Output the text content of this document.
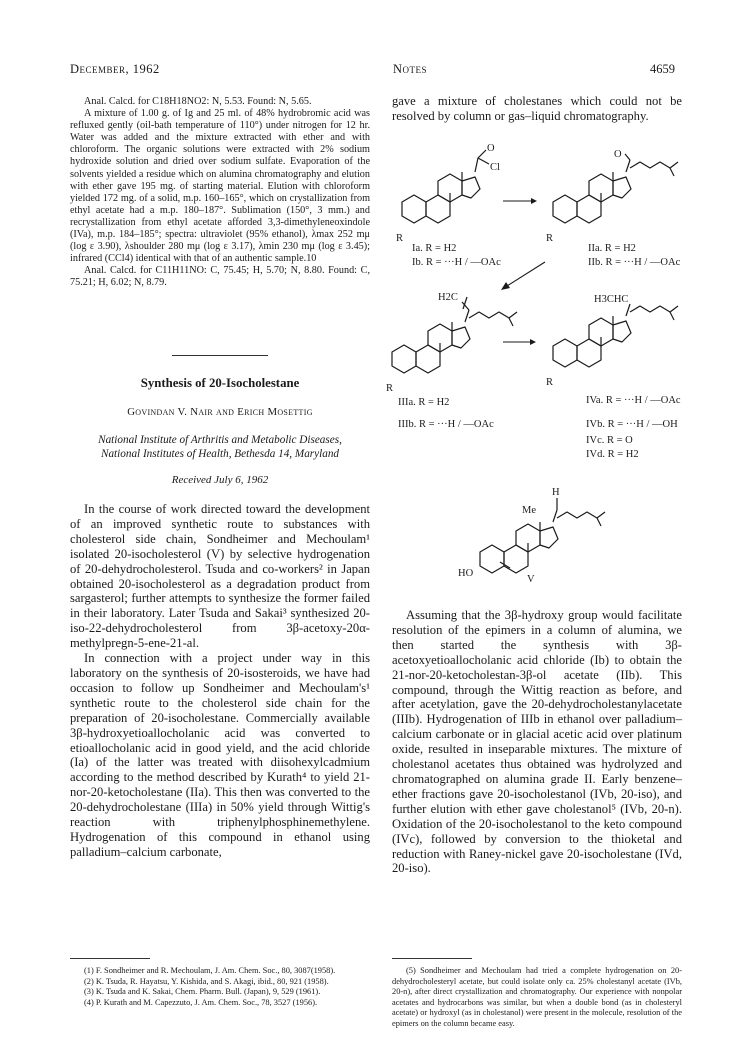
December, 1962	Notes	4659

Anal. Calcd. for C18H18NO2: N, 5.53. Found: N, 5.65.

A mixture of 1.00 g. of Ig and 25 ml. of 48% hydrobromic acid was refluxed gently (oil-bath temperature of 110°) under nitrogen for 12 hr. Water was added and the mixture extracted with ether and with chloroform. The organic solutions were extracted with 2% sodium hydroxide solution and dried over sodium sulfate. Evaporation of the solvents yielded a residue which on alumina chromatography and elution with ether gave 195 mg. of starting material. Elution with chloroform yielded 172 mg. of a solid, m.p. 160–165°, which on crystallization from ethyl acetate had a m.p. 180–187°. Sublimation (150°, 3 mm.) and recrystallization from ethyl acetate afforded 3,3-dimethyleneoxindole (IVa), m.p. 184–185°; spectra: ultraviolet (95% ethanol), λmax 252 mμ (log ε 3.90), λshoulder 280 mμ (log ε 3.17), λmin 230 mμ (log ε 3.45); infrared (CCl4) identical with that of an authentic sample.10

Anal. Calcd. for C11H11NO: C, 75.45; H, 5.70; N, 8.80. Found: C, 75.21; H, 6.02; N, 8.79.

Synthesis of 20-Isocholestane
Govindan V. Nair and Erich Mosettig
National Institute of Arthritis and Metabolic Diseases,
National Institutes of Health, Bethesda 14, Maryland
Received July 6, 1962

In the course of work directed toward the development of an improved synthetic route to substances with cholesterol side chain, Sondheimer and Mechoulam¹ isolated 20-isocholesterol (V) by selective hydrogenation of 20-dehydrocholesterol. Tsuda and co-workers² in Japan obtained 20-isocholesterol as a degradation product from sargasterol; further attempts to synthesize the former failed in their laboratory. Later Tsuda and Sakai³ synthesized 20-iso-22-dehydrocholesterol from 3β-acetoxy-20α-methylpregn-5-ene-21-al.

In connection with a project under way in this laboratory on the synthesis of 20-isosteroids, we have had occasion to follow up Sondheimer and Mechoulam's¹ synthetic route to the cholesterol side chain for the preparation of 20-isocholestane. Commercially available 3β-hydroxyetioallocholanic acid was converted to etioallocholanic acid in good yield, and the acid chloride (Ia) of the latter was treated with diisohexylcadmium according to the method described by Kurath⁴ to yield 21-nor-20-ketocholestane (IIa). This then was converted to the 20-dehydrocholestane (IIIa) in 50% yield through Wittig's reaction with triphenylphosphinemethylene. Hydrogenation of this compound in ethanol using palladium–calcium carbonate,

(1) F. Sondheimer and R. Mechoulam, J. Am. Chem. Soc., 80, 3087(1958).

(2) K. Tsuda, R. Hayatsu, Y. Kishida, and S. Akagi, ibid., 80, 921 (1958).

(3) K. Tsuda and K. Sakai, Chem. Pharm. Bull. (Japan), 9, 529 (1961).

(4) P. Kurath and M. Capezzuto, J. Am. Chem. Soc., 78, 3527 (1956).

gave a mixture of cholestanes which could not be resolved by column or gas–liquid chromatography.

O
Cl
R
Ia. R = H2
Ib. R = ···H / —OAc
O
R
IIa. R = H2
IIb. R = ···H / —OAc
H2C
R
IIIa. R = H2
IIIb. R = ···H / —OAc
H3CHC
R
IVa. R = ···H / —OAc
IVb. R = ···H / —OH
IVc. R = O
IVd. R = H2
H
Me
HO
V

Assuming that the 3β-hydroxy group would facilitate resolution of the epimers in a column of alumina, we then started the synthesis with 3β-acetoxyetioallocholanic acid chloride (Ib) to obtain the 21-nor-20-ketocholestan-3β-ol acetate (IIb). This compound, through the Wittig reaction as before, and after acetylation, gave the 20-dehydrocholestanylacetate (IIIb). Hydrogenation of IIIb in ethanol over palladium–calcium carbonate or in glacial acetic acid over platinum oxide, resulted in inseparable mixtures. The mixture of cholestanol acetates thus obtained was hydrolyzed and chromatographed on alumina grade II. Early benzene–ether fractions gave 20-isocholestanol (IVb, 20-iso), and further elution with ether gave cholestanol⁵ (IVb, 20-n). Oxidation of the 20-isocholestanol to the keto compound (IVc), followed by conversion to the thioketal and reduction with Raney-nickel gave 20-isocholestane (IVd, 20-iso).

(5) Sondheimer and Mechoulam had tried a complete hydrogenation on 20-dehydrocholesteryl acetate, but could isolate only ca. 25% cholestanyl acetate (IVb, 20-n), after direct crystallization and chromatography. Our experience with nonpolar acetates and hydrocarbons was similar, but when a double bond (as in cholesteryl acetate) or hydroxyl (as in cholestanol) were present in the molecule, resolution of the epimers on the column became easy.
